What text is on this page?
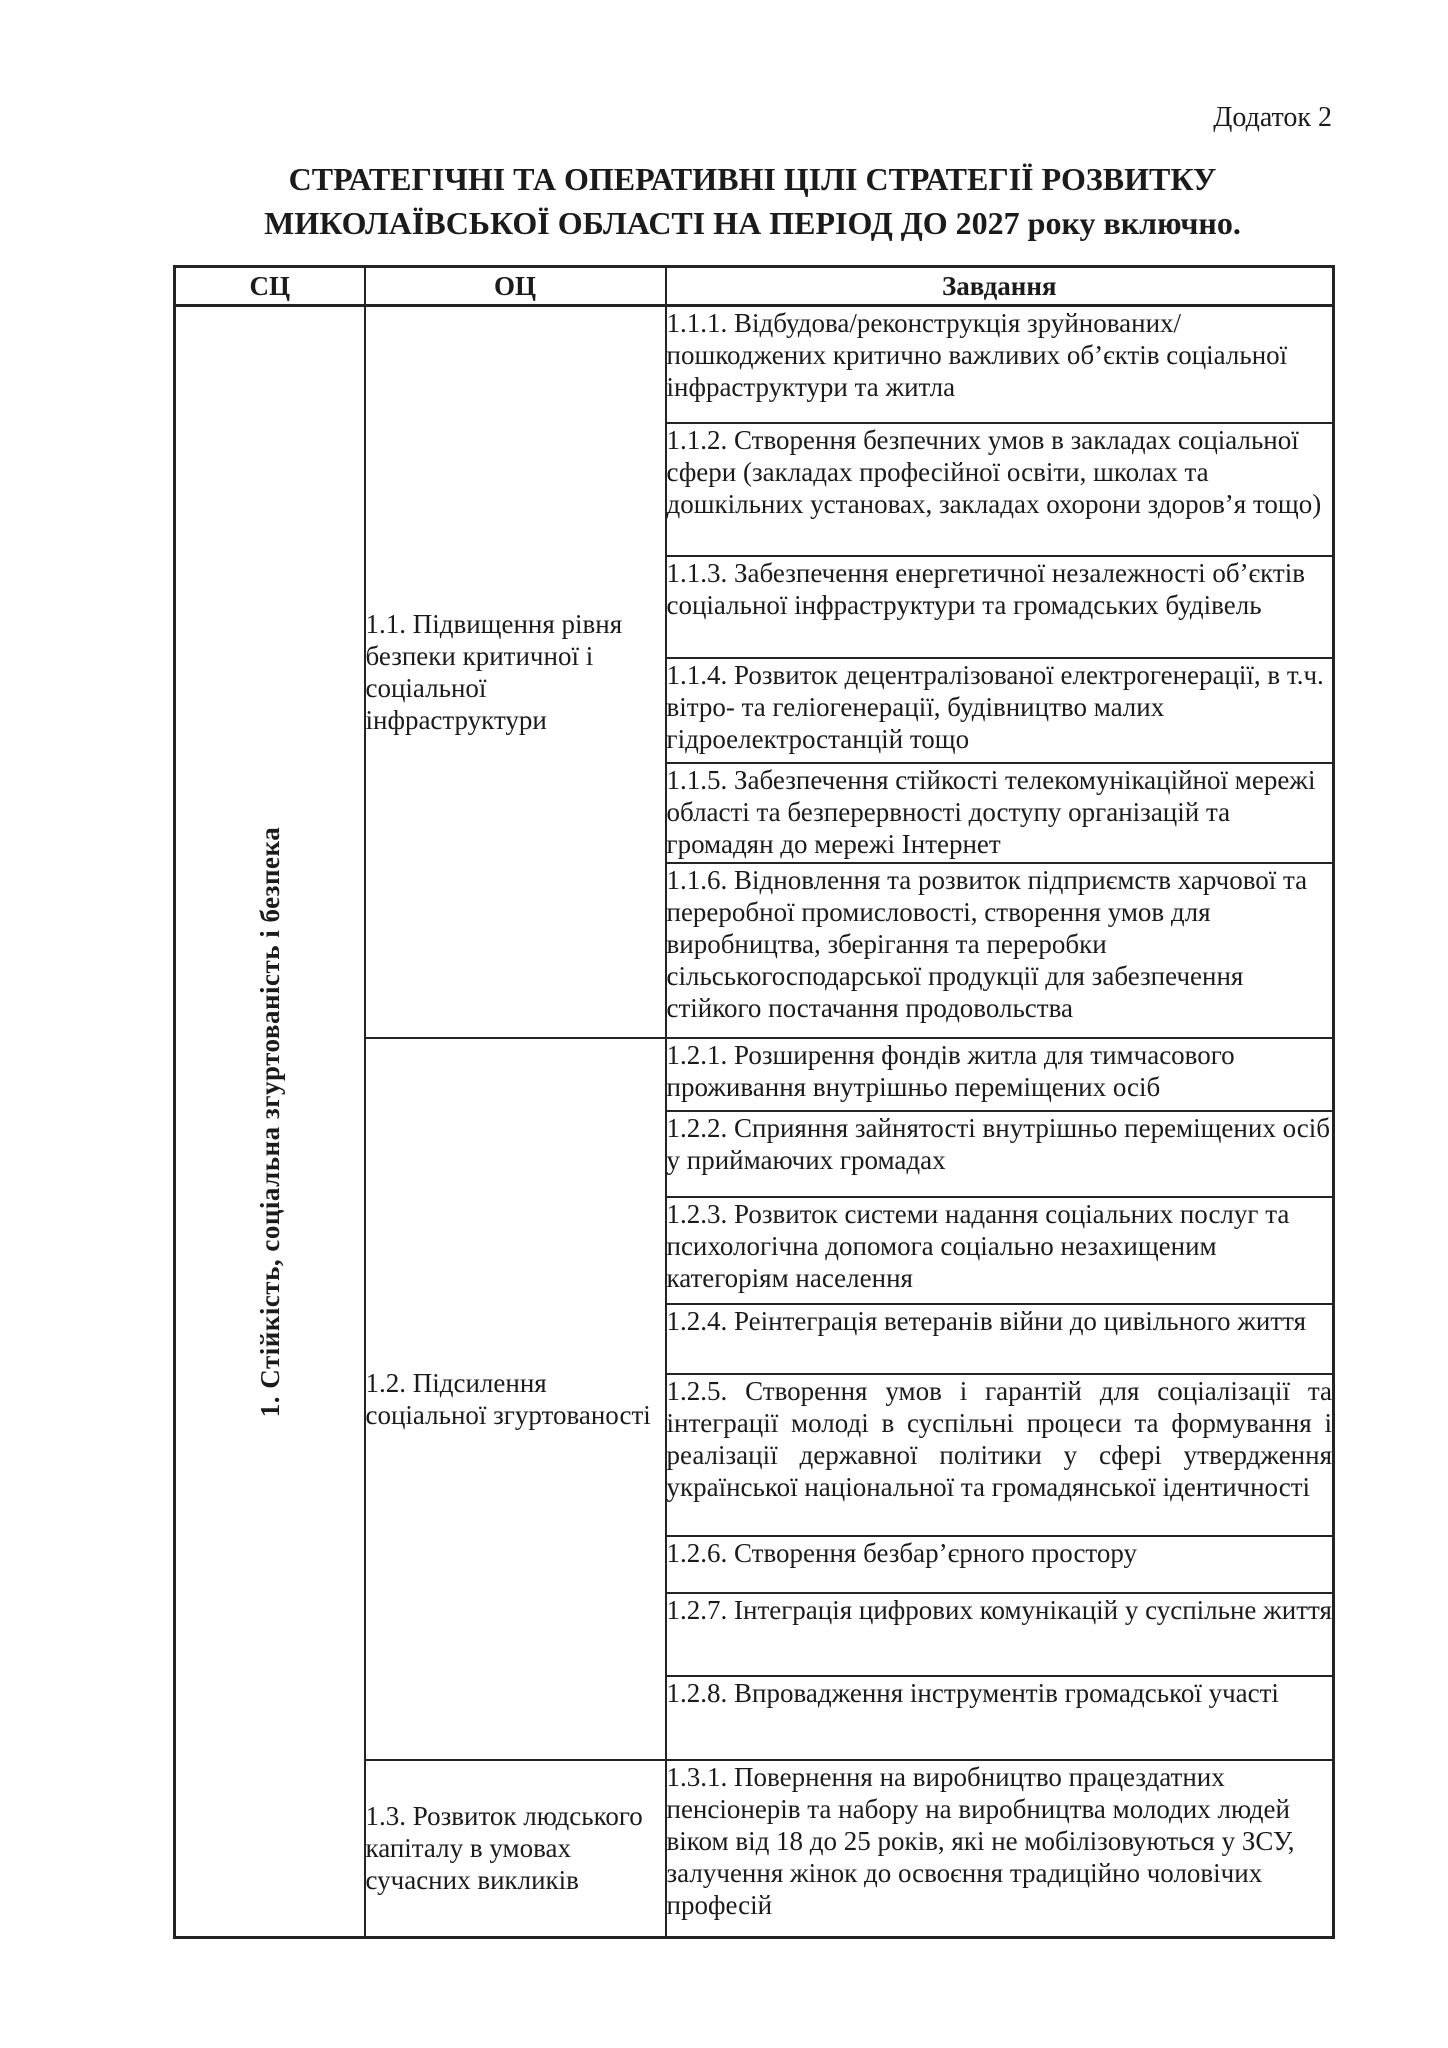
Додаток 2
СТРАТЕГІЧНІ ТА ОПЕРАТИВНІ ЦІЛІ СТРАТЕГІЇ РОЗВИТКУ
МИКОЛАЇВСЬКОЇ ОБЛАСТІ НА ПЕРІОД ДО 2027 року включно.
СЦ	ОЦ	Завдання

1. Стійкість, соціальна згуртованість і безпека	1.1. Підвищення рівня безпеки критичної і соціальної інфраструктури	1.1.1. Відбудова/реконструкція зруйнованих/пошкоджених критично важливих об’єктів соціальної інфраструктури та житла
		1.1.2. Створення безпечних умов в закладах соціальної сфери (закладах професійної освіти, школах та дошкільних установах, закладах охорони здоров’я тощо)
		1.1.3. Забезпечення енергетичної незалежності об’єктів соціальної інфраструктури та громадських будівель
		1.1.4. Розвиток децентралізованої електрогенерації, в т.ч. вітро- та геліогенерації, будівництво малих гідроелектростанцій тощо
		1.1.5. Забезпечення стійкості телекомунікаційної мережі області та безперервності доступу організацій та громадян до мережі Інтернет
		1.1.6. Відновлення та розвиток підприємств харчової та переробної промисловості, створення умов для виробництва, зберігання та переробки сільськогосподарської продукції для забезпечення стійкого постачання продовольства
	1.2. Підсилення соціальної згуртованості	1.2.1. Розширення фондів житла для тимчасового проживання внутрішньо переміщених осіб
		1.2.2. Сприяння зайнятості внутрішньо переміщених осіб у приймаючих громадах
		1.2.3. Розвиток системи надання соціальних послуг та психологічна допомога соціально незахищеним категоріям населення
		1.2.4. Реінтеграція ветеранів війни до цивільного життя
		1.2.5. Створення умов і гарантій для соціалізації та інтеграції молоді в суспільні процеси та формування і реалізації державної політики у сфері утвердження української національної та громадянської ідентичності
		1.2.6. Створення безбар’єрного простору
		1.2.7. Інтеграція цифрових комунікацій у суспільне життя
		1.2.8. Впровадження інструментів громадської участі
	1.3. Розвиток людського капіталу в умовах сучасних викликів	1.3.1. Повернення на виробництво працездатних пенсіонерів та набору на виробництва молодих людей віком від 18 до 25 років, які не мобілізовуються у ЗСУ, залучення жінок до освоєння традиційно чоловічих професій
